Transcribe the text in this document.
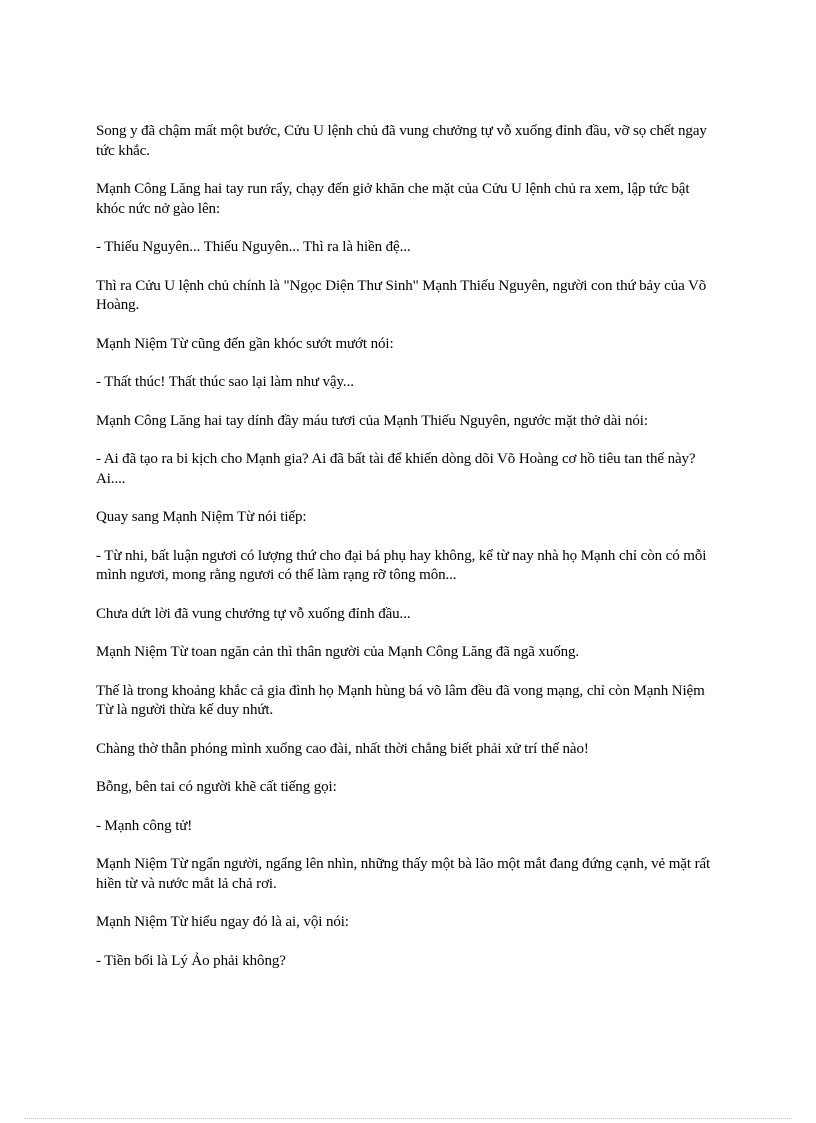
Song y đã chậm mất một bước, Cửu U lệnh chủ đã vung chưởng tự vỗ xuống đỉnh đầu, vỡ sọ chết ngay tức khắc.

Mạnh Công Lăng hai tay run rẩy, chạy đến giở khăn che mặt của Cửu U lệnh chủ ra xem, lập tức bật khóc nức nở gào lên:

- Thiếu Nguyên... Thiếu Nguyên... Thì ra là hiền đệ...

Thì ra Cửu U lệnh chủ chính là "Ngọc Diện Thư Sinh" Mạnh Thiếu Nguyên, người con thứ bảy của Võ Hoàng.

Mạnh Niệm Từ cũng đến gần khóc sướt mướt nói:

- Thất thúc! Thất thúc sao lại làm như vậy...

Mạnh Công Lăng hai tay dính đầy máu tươi của Mạnh Thiếu Nguyên, ngước mặt thở dài nói:

- Ai đã tạo ra bi kịch cho Mạnh gia? Ai đã bất tài để khiến dòng dõi Võ Hoàng cơ hồ tiêu tan thế này? Ai....

Quay sang Mạnh Niệm Từ nói tiếp:

- Từ nhi, bất luận ngươi có lượng thứ cho đại bá phụ hay không, kể từ nay nhà họ Mạnh chỉ còn có mỗi mình ngươi, mong rằng ngươi có thể làm rạng rỡ tông môn...

Chưa dứt lời đã vung chưởng tự vỗ xuống đỉnh đầu...

Mạnh Niệm Từ toan ngăn cản thì thân người của Mạnh Công Lăng đã ngã xuống.

Thế là trong khoảng khắc cả gia đình họ Mạnh hùng bá võ lâm đều đã vong mạng, chỉ còn Mạnh Niệm Từ là người thừa kế duy nhứt.

Chàng thờ thẫn phóng mình xuống cao đài, nhất thời chẳng biết phải xử trí thế nào!

Bỗng, bên tai có người khẽ cất tiếng gọi:

- Mạnh công tử!

Mạnh Niệm Từ ngẩn người, ngẩng lên nhìn, những thấy một bà lão một mắt đang đứng cạnh, vẻ mặt rất hiền từ và nước mắt lả chả rơi.

Mạnh Niệm Từ hiểu ngay đó là ai, vội nói:

- Tiền bối là Lý Ảo phải không?
